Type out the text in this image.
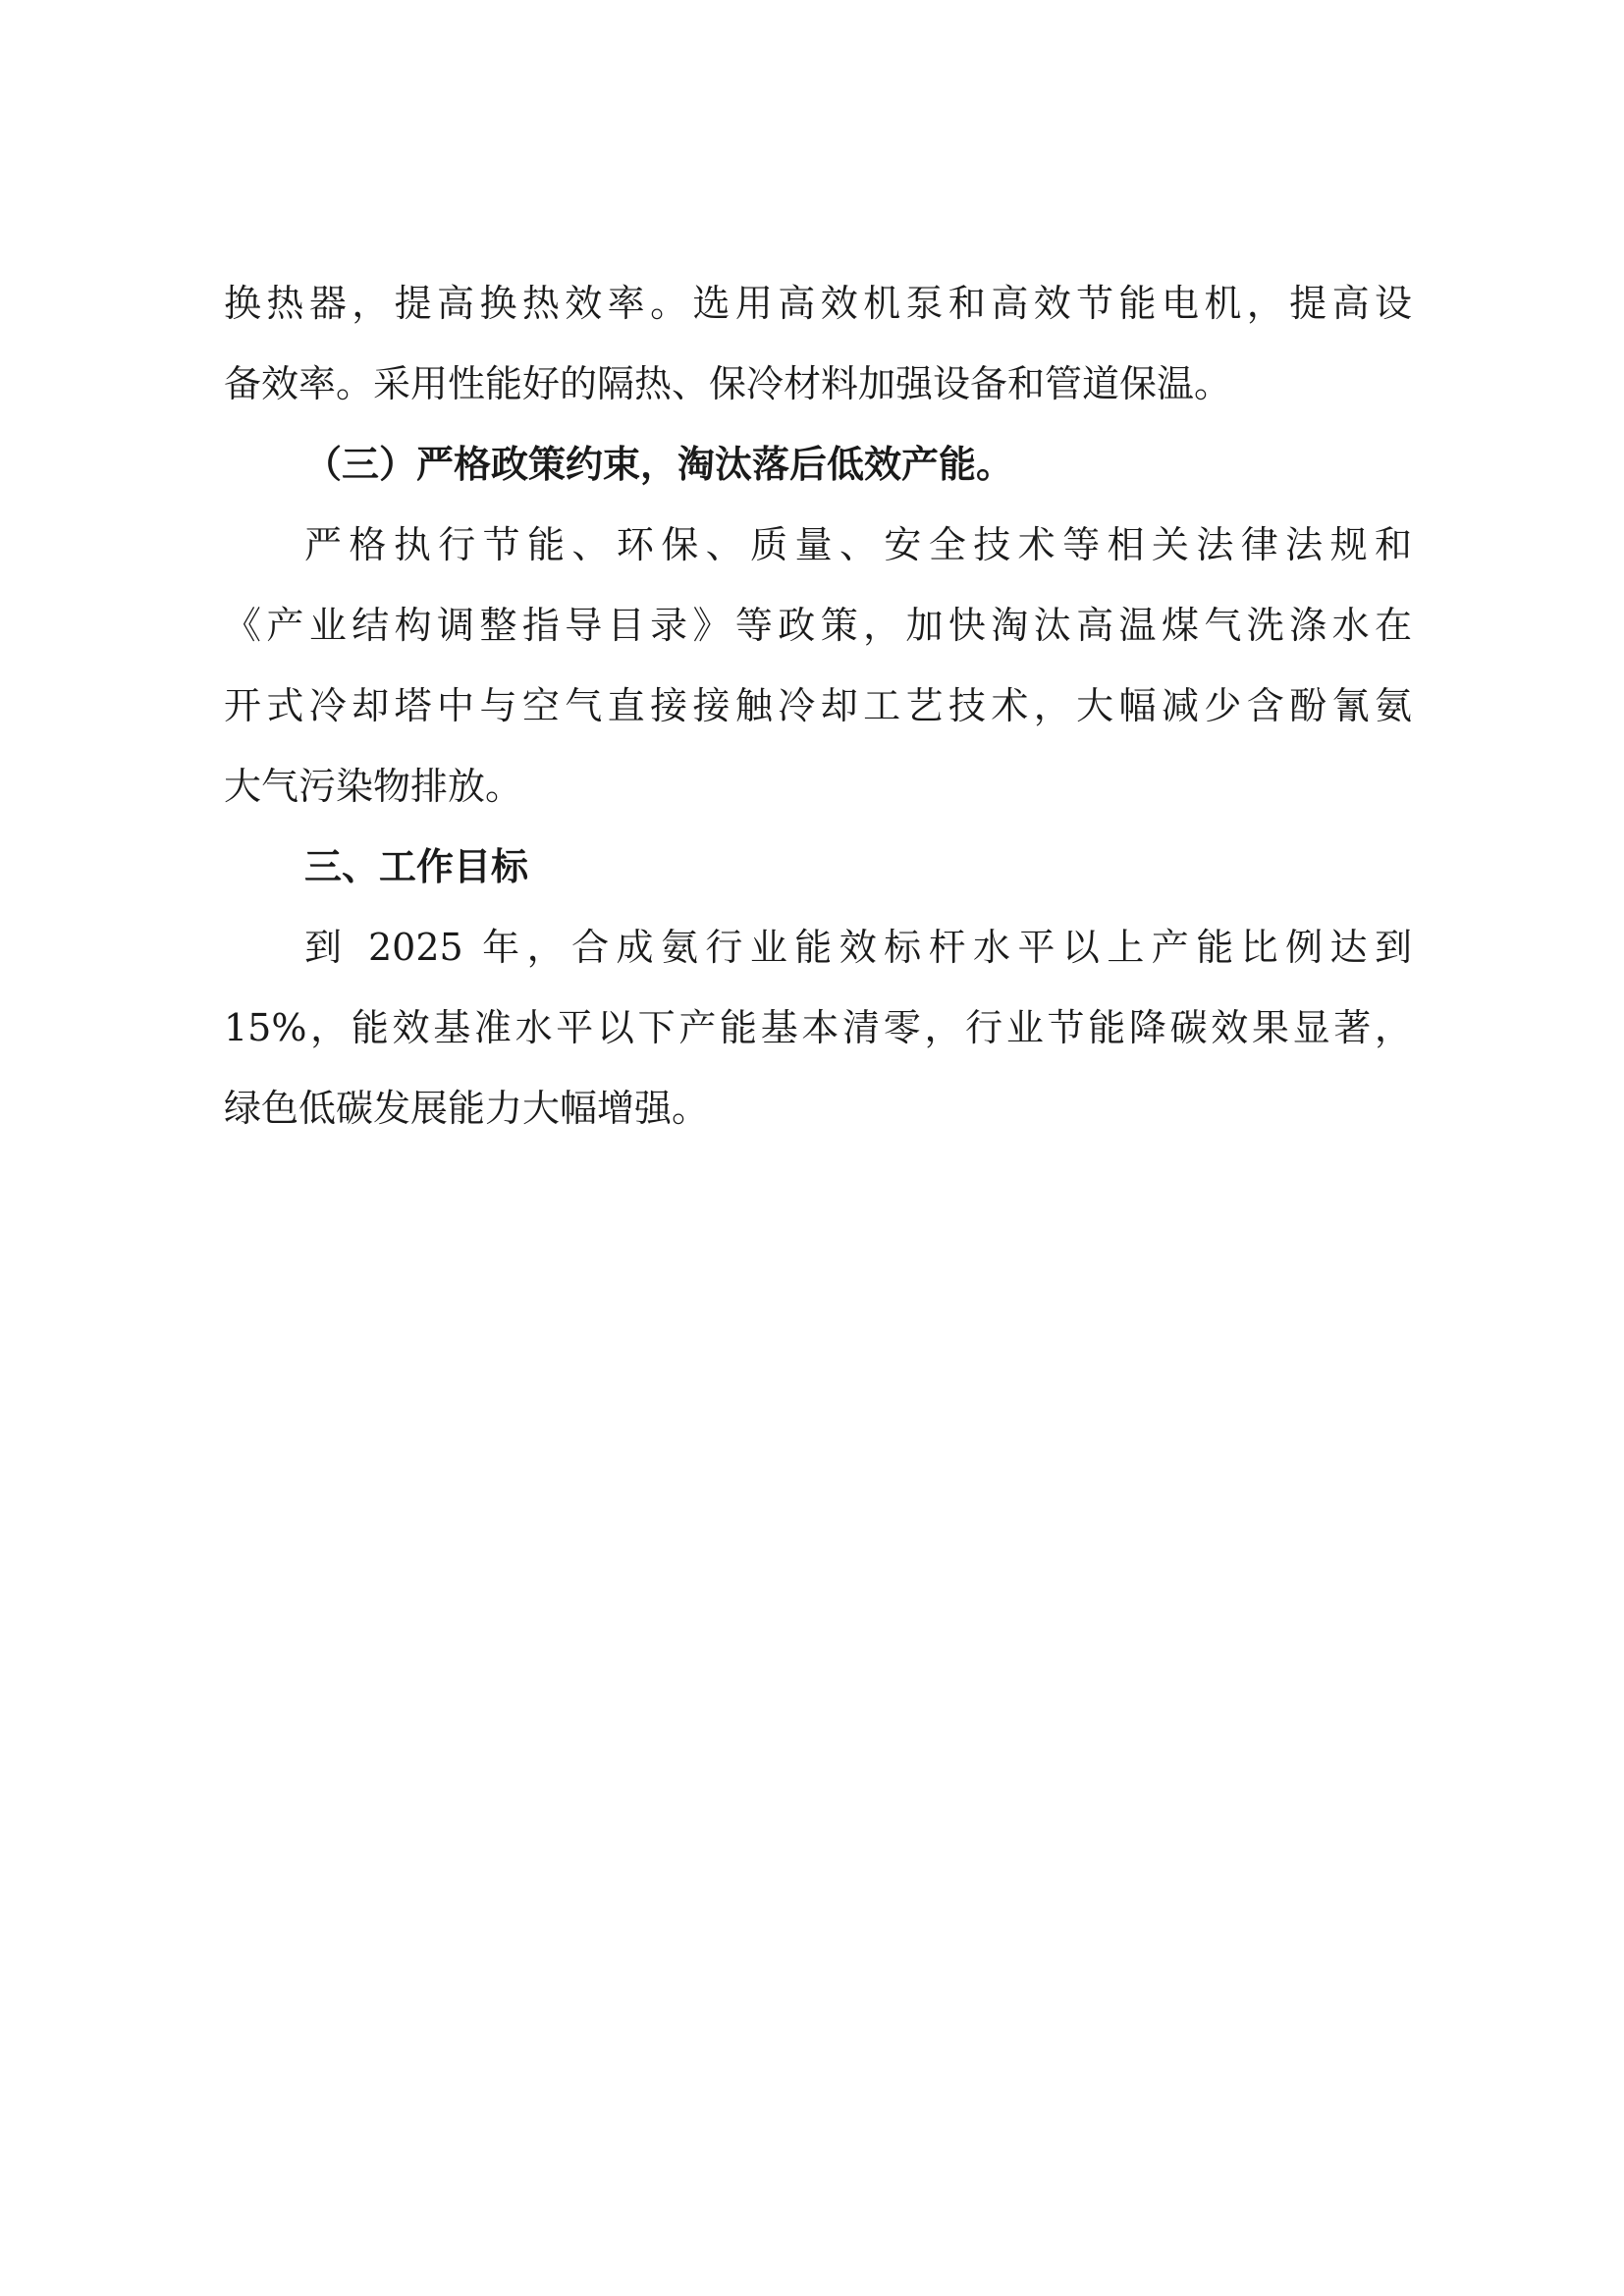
换热器，提高换热效率。选用高效机泵和高效节能电机，提高设
备效率。采用性能好的隔热、保冷材料加强设备和管道保温。
（三）严格政策约束，淘汰落后低效产能。
严格执行节能、环保、质量、安全技术等相关法律法规和
《产业结构调整指导目录》等政策，加快淘汰高温煤气洗涤水在
开式冷却塔中与空气直接接触冷却工艺技术，大幅减少含酚氰氨
大气污染物排放。
三、工作目标
到 2025 年，合成氨行业能效标杆水平以上产能比例达到
15%，能效基准水平以下产能基本清零，行业节能降碳效果显著，
绿色低碳发展能力大幅增强。
